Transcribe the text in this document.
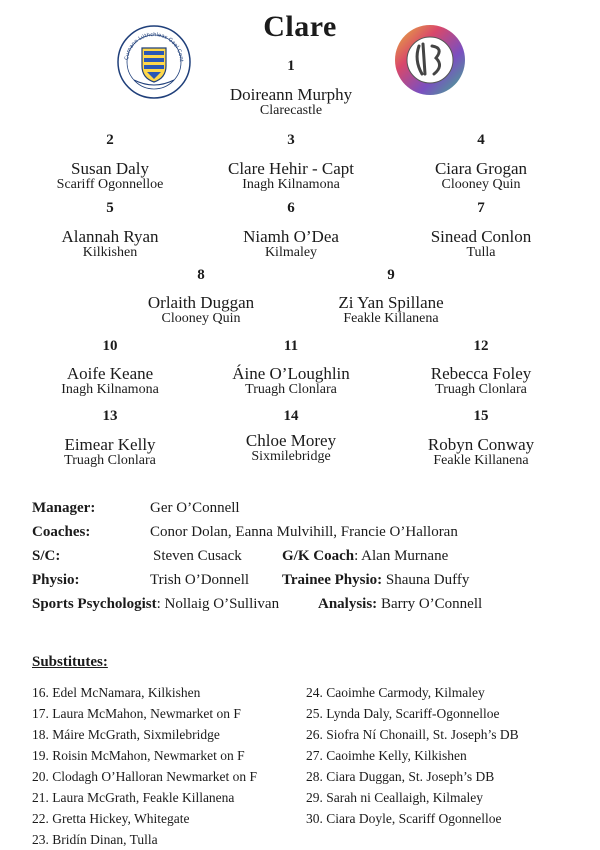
Clare
Cumann Lúthchleas Gael Cont	1
Doireann Murphy
Clarecastle
2
Susan Daly
Scariff Ogonnelloe
3
Clare Hehir - Capt
Inagh Kilnamona
4
Ciara Grogan
Clooney Quin
5
Alannah Ryan
Kilkishen
6
Niamh O’Dea
Kilmaley
7
Sinead Conlon
Tulla
8
Orlaith Duggan
Clooney Quin
9
Zi Yan Spillane
Feakle Killanena
10
Aoife Keane
Inagh Kilnamona
11
Áine O’Loughlin
Truagh Clonlara
12
Rebecca Foley
Truagh Clonlara
13
Eimear Kelly
Truagh Clonlara
14
Chloe Morey
Sixmilebridge
15
Robyn Conway
Feakle Killanena
Manager:	Ger O’Connell
Coaches:	Conor Dolan, Eanna Mulvihill, Francie O’Halloran
S/C:	Steven Cusack	G/K Coach: Alan Murnane
Physio:	Trish O’Donnell Trainee Physio: Shauna Duffy
Sports Psychologist: Nollaig O’Sullivan	Analysis: Barry O’Connell
Substitutes:
16. Edel McNamara, Kilkishen
17. Laura McMahon, Newmarket on F
18. Máire McGrath, Sixmilebridge
19. Roisin McMahon, Newmarket on F
20. Clodagh O’Halloran Newmarket on F
21. Laura McGrath, Feakle Killanena
22. Gretta Hickey, Whitegate
23. Bridín Dinan, Tulla
24. Caoimhe Carmody, Kilmaley
25. Lynda Daly, Scariff-Ogonnelloe
26. Siofra Ní Chonaill, St. Joseph’s DB
27. Caoimhe Kelly, Kilkishen
28. Ciara Duggan, St. Joseph’s DB
29. Sarah ni Ceallaigh, Kilmaley
30. Ciara Doyle, Scariff Ogonnelloe
